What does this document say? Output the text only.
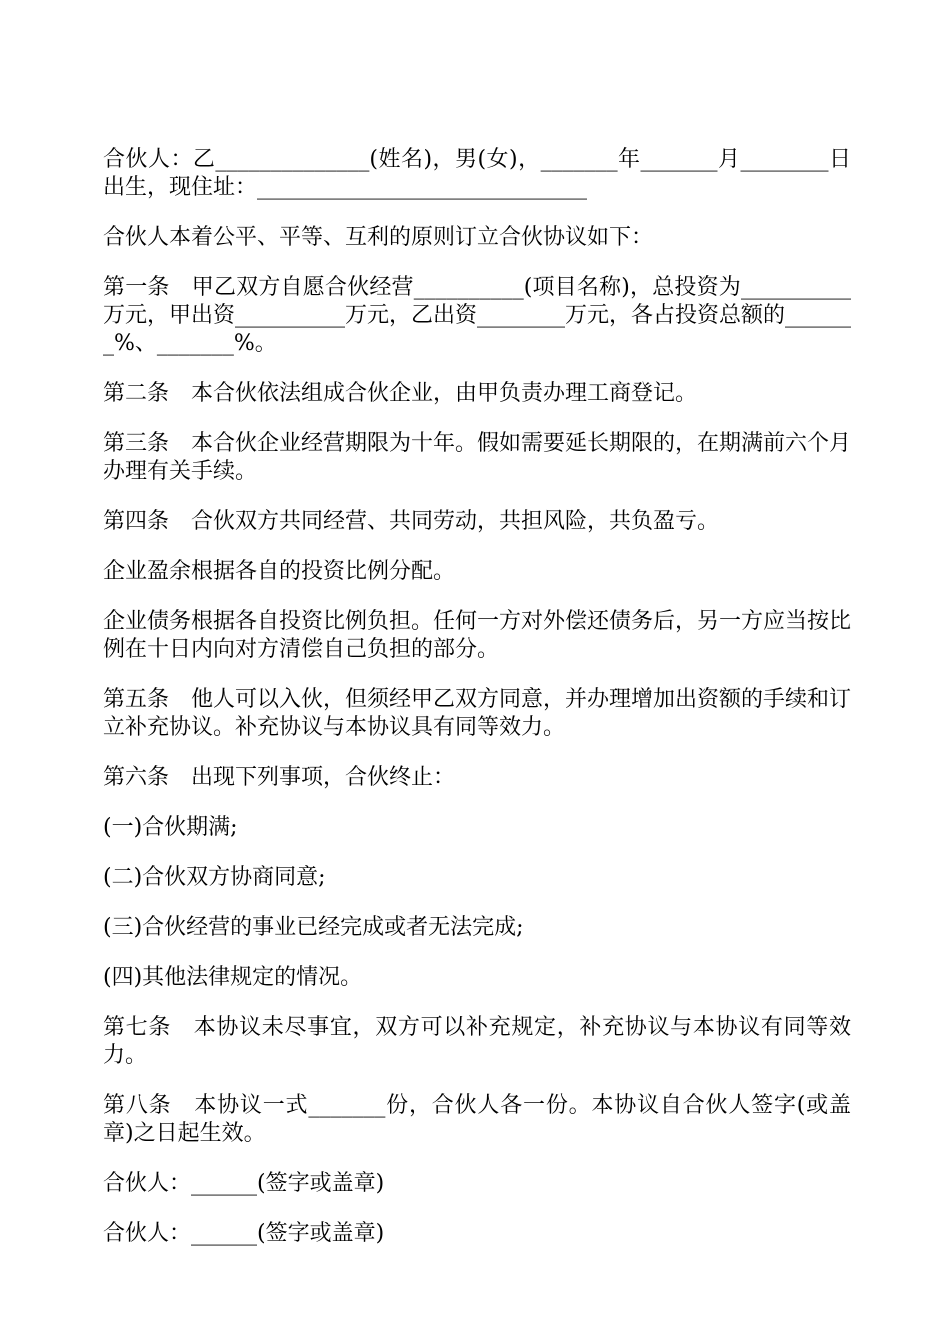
合伙人：乙______________(姓名)，男(女)，_______年_______月________日出生，现住址：______________________________

合伙人本着公平、平等、互利的原则订立合伙协议如下：

第一条　甲乙双方自愿合伙经营__________(项目名称)，总投资为__________万元，甲出资__________万元，乙出资________万元，各占投资总额的_______%、_______%。

第二条　本合伙依法组成合伙企业，由甲负责办理工商登记。

第三条　本合伙企业经营期限为十年。假如需要延长期限的，在期满前六个月办理有关手续。

第四条　合伙双方共同经营、共同劳动，共担风险，共负盈亏。

企业盈余根据各自的投资比例分配。

企业债务根据各自投资比例负担。任何一方对外偿还债务后，另一方应当按比例在十日内向对方清偿自己负担的部分。

第五条　他人可以入伙，但须经甲乙双方同意，并办理增加出资额的手续和订立补充协议。补充协议与本协议具有同等效力。

第六条　出现下列事项，合伙终止：

(一)合伙期满;

(二)合伙双方协商同意;

(三)合伙经营的事业已经完成或者无法完成;

(四)其他法律规定的情况。

第七条　本协议未尽事宜，双方可以补充规定，补充协议与本协议有同等效力。

第八条　本协议一式_______份，合伙人各一份。本协议自合伙人签字(或盖章)之日起生效。

合伙人：______(签字或盖章)

合伙人：______(签字或盖章)
